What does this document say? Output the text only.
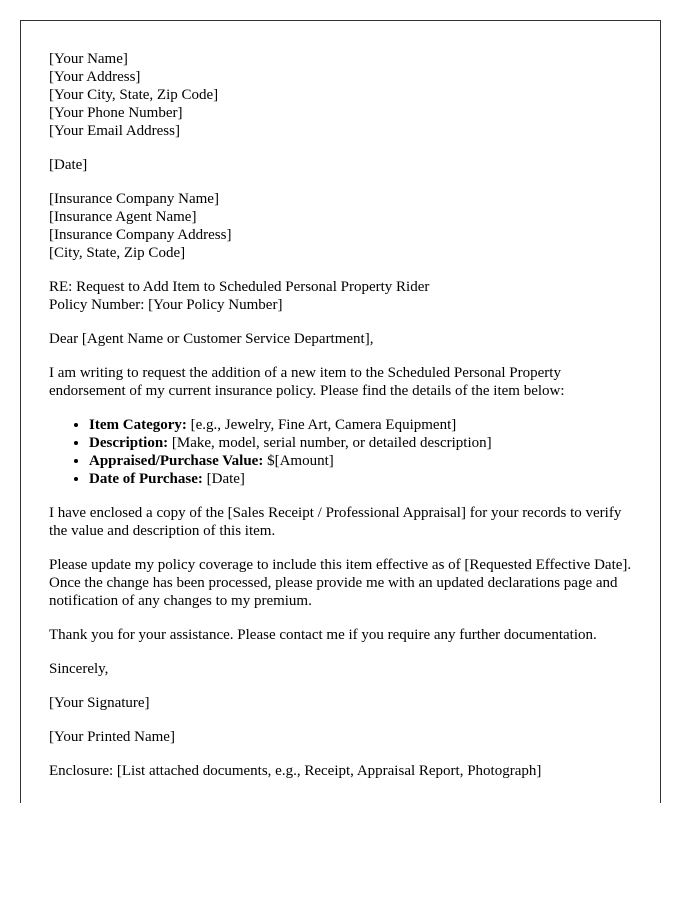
[Your Name]
[Your Address]
[Your City, State, Zip Code]
[Your Phone Number]
[Your Email Address]

[Date]

[Insurance Company Name]
[Insurance Agent Name]
[Insurance Company Address]
[City, State, Zip Code]

RE: Request to Add Item to Scheduled Personal Property Rider
Policy Number: [Your Policy Number]

Dear [Agent Name or Customer Service Department],

I am writing to request the addition of a new item to the Scheduled Personal Property endorsement of my current insurance policy. Please find the details of the item below:

• Item Category: [e.g., Jewelry, Fine Art, Camera Equipment]
• Description: [Make, model, serial number, or detailed description]
• Appraised/Purchase Value: $[Amount]
• Date of Purchase: [Date]

I have enclosed a copy of the [Sales Receipt / Professional Appraisal] for your records to verify the value and description of this item.

Please update my policy coverage to include this item effective as of [Requested Effective Date]. Once the change has been processed, please provide me with an updated declarations page and notification of any changes to my premium.

Thank you for your assistance. Please contact me if you require any further documentation.

Sincerely,

[Your Signature]

[Your Printed Name]

Enclosure: [List attached documents, e.g., Receipt, Appraisal Report, Photograph]
